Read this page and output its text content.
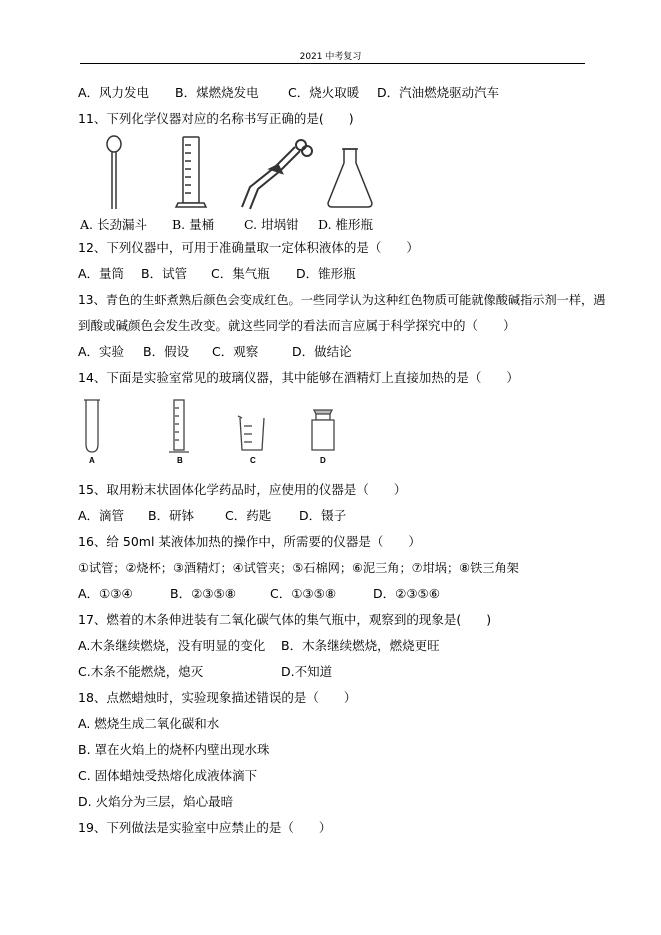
2021 中考复习
A．风力发电 B．煤燃烧发电 C．烧火取暖 D．汽油燃烧驱动汽车
11、下列化学仪器对应的名称书写正确的是(　　)
A. 长劲漏斗 B. 量桶 C. 坩埚钳 D. 椎形瓶
12、下列仪器中，可用于准确量取一定体积液体的是（　　）
A．量筒 B．试管 C．集气瓶 D．锥形瓶
13、青色的生虾煮熟后颜色会变成红色。一些同学认为这种红色物质可能就像酸碱指示剂一样，遇
到酸或碱颜色会发生改变。就这些同学的看法而言应属于科学探究中的（　　）
A．实验 B．假设 C．观察	D．做结论
14、下面是实验室常见的玻璃仪器，其中能够在酒精灯上直接加热的是（　　）
A	B	C	D
15、取用粉末状固体化学药品时，应使用的仪器是（　　）
A．滴管 B．研钵 C．药匙 D．镊子
16、给 50ml 某液体加热的操作中，所需要的仪器是（　　）
①试管；②烧杯；③酒精灯；④试管夹；⑤石棉网；⑥泥三角；⑦坩埚；⑧铁三角架
A．①③④	B．②③⑤⑧	C．①③⑤⑧	D．②③⑤⑥
17、燃着的木条伸进装有二氧化碳气体的集气瓶中，观察到的现象是(　　)
A.木条继续燃烧，没有明显的变化 B．木条继续燃烧，燃烧更旺
C.木条不能燃烧，熄灭	D.不知道
18、点燃蜡烛时，实验现象描述错误的是（　　）
A. 燃烧生成二氧化碳和水
B. 罩在火焰上的烧杯内壁出现水珠
C. 固体蜡烛受热熔化成液体滴下
D. 火焰分为三层，焰心最暗
19、下列做法是实验室中应禁止的是（　　）
